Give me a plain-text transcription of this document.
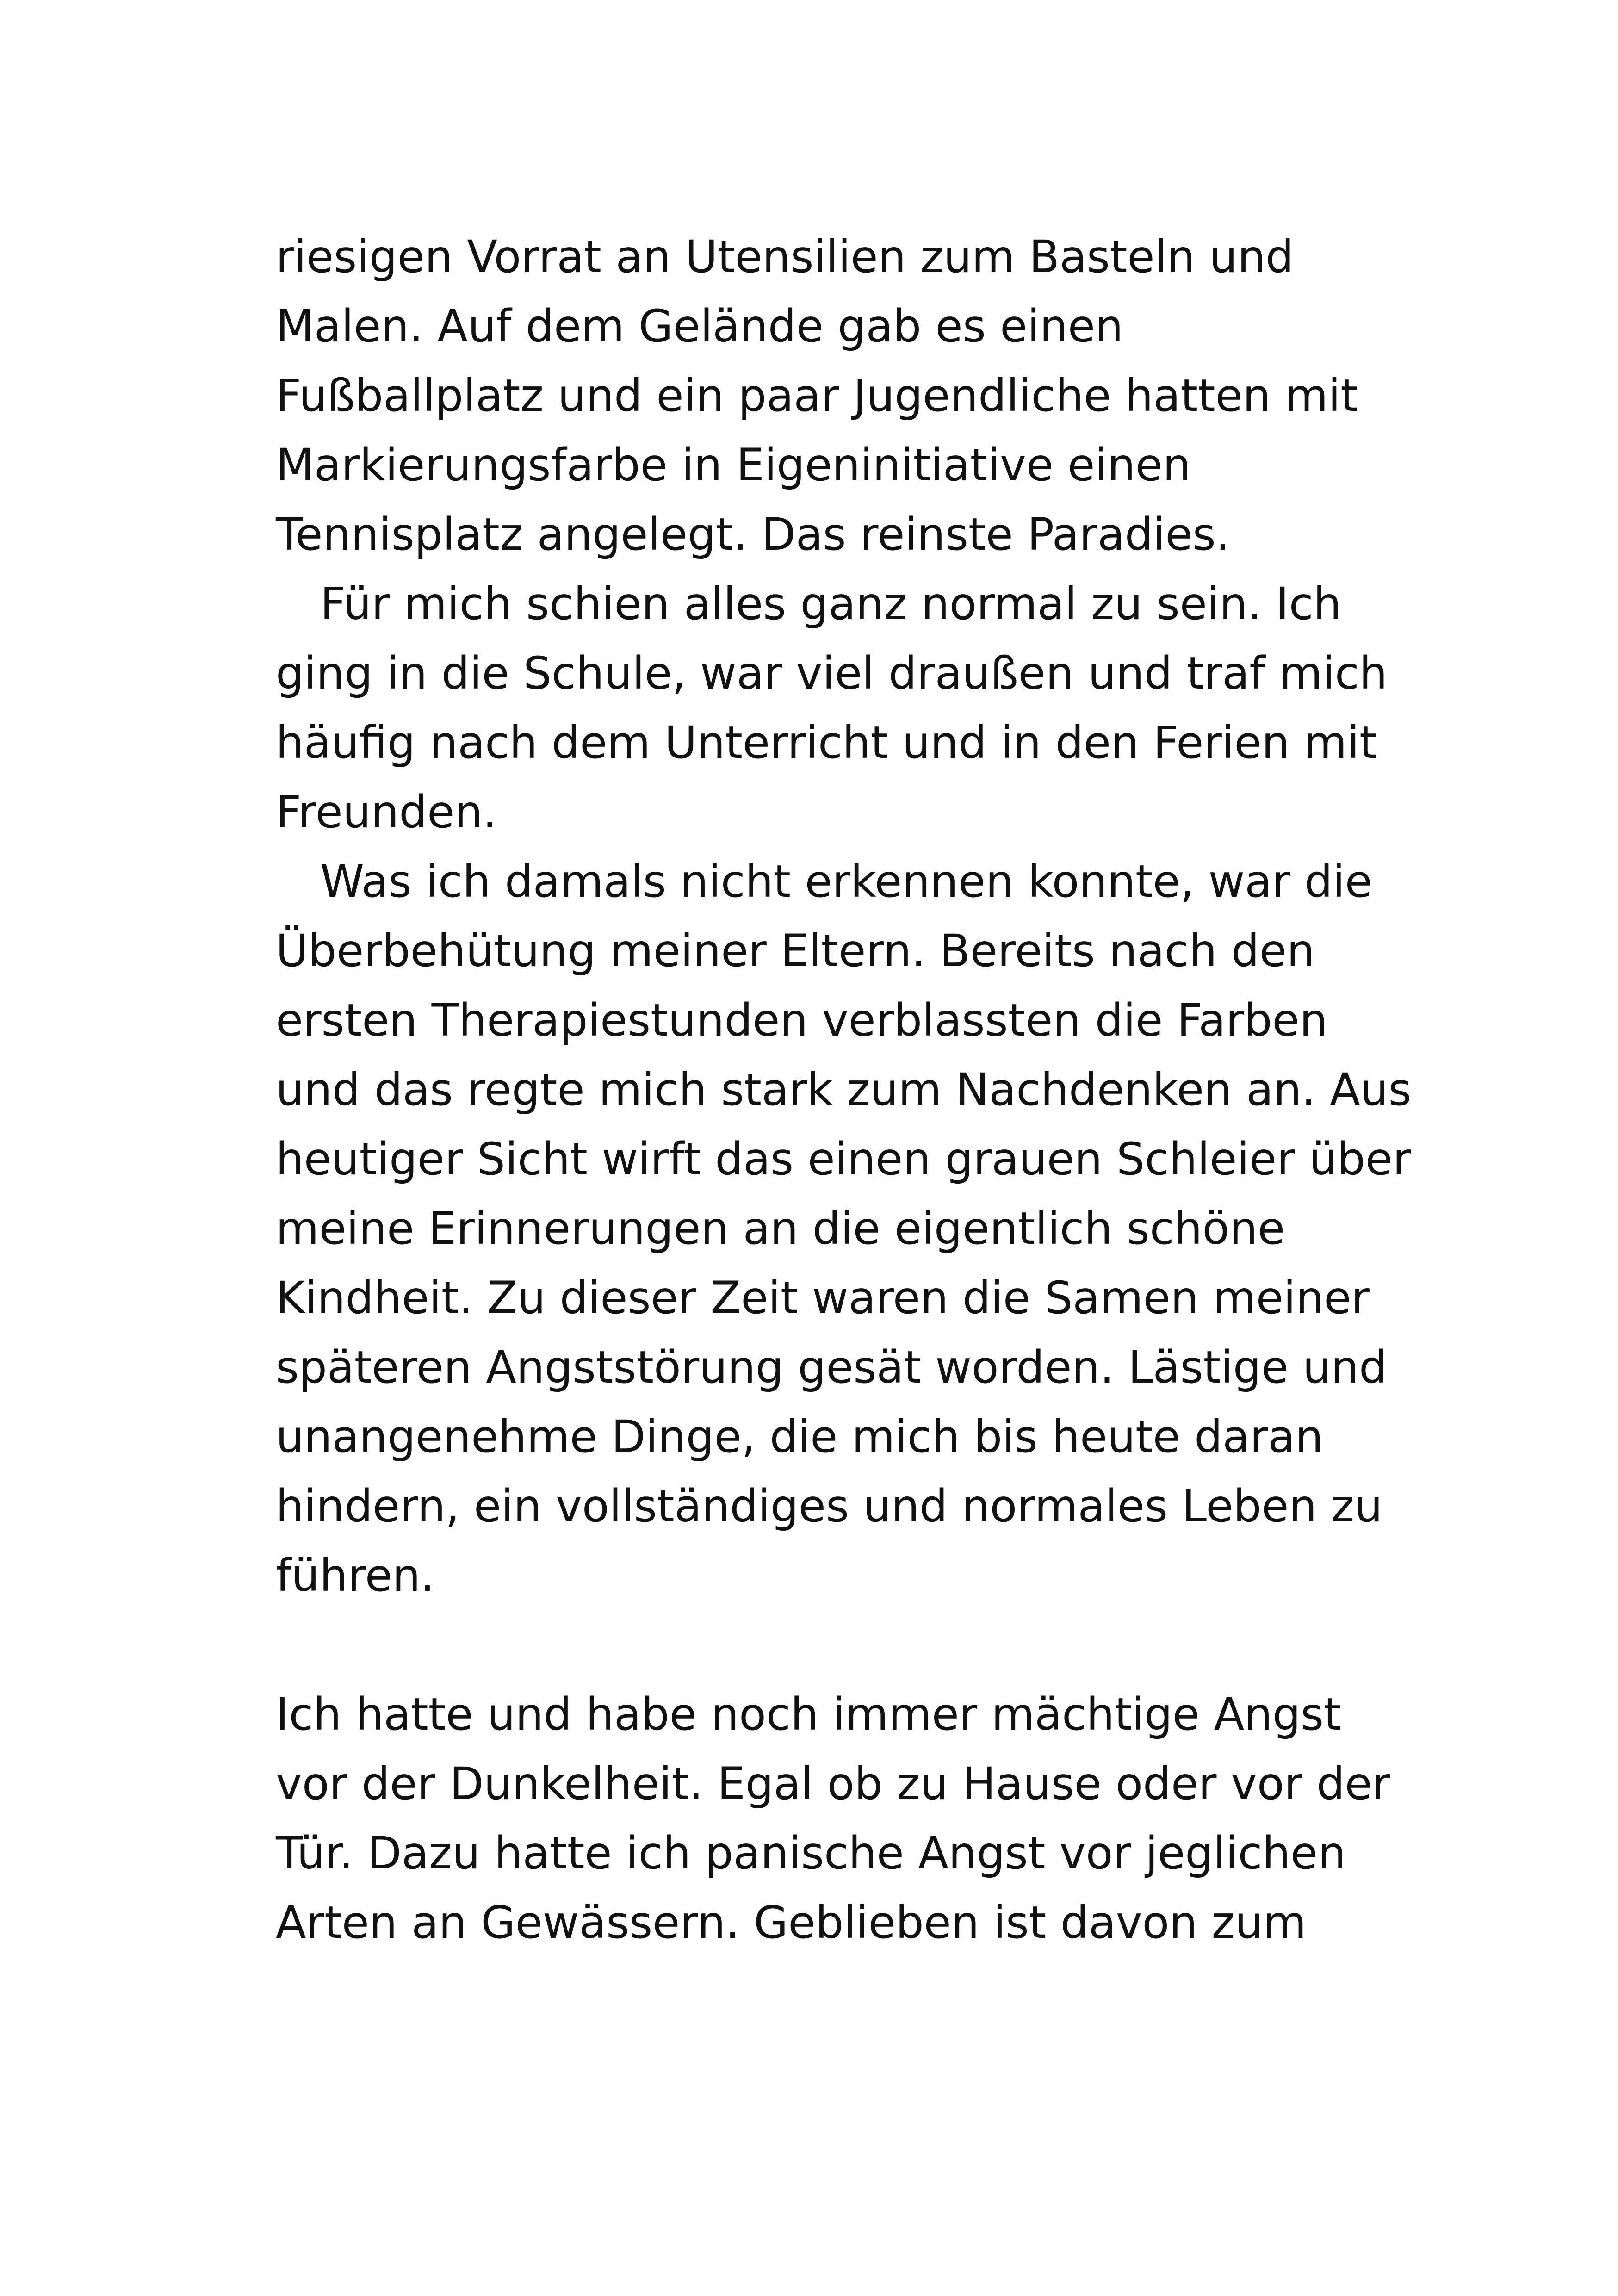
riesigen Vorrat an Utensilien zum Basteln und
Malen. Auf dem Gelände gab es einen
Fußballplatz und ein paar Jugendliche hatten mit
Markierungsfarbe in Eigeninitiative einen
Tennisplatz angelegt. Das reinste Paradies.
Für mich schien alles ganz normal zu sein. Ich
ging in die Schule, war viel draußen und traf mich
häufig nach dem Unterricht und in den Ferien mit
Freunden.
Was ich damals nicht erkennen konnte, war die
Überbehütung meiner Eltern. Bereits nach den
ersten Therapiestunden verblassten die Farben
und das regte mich stark zum Nachdenken an. Aus
heutiger Sicht wirft das einen grauen Schleier über
meine Erinnerungen an die eigentlich schöne
Kindheit. Zu dieser Zeit waren die Samen meiner
späteren Angststörung gesät worden. Lästige und
unangenehme Dinge, die mich bis heute daran
hindern, ein vollständiges und normales Leben zu
führen.
Ich hatte und habe noch immer mächtige Angst
vor der Dunkelheit. Egal ob zu Hause oder vor der
Tür. Dazu hatte ich panische Angst vor jeglichen
Arten an Gewässern. Geblieben ist davon zum
